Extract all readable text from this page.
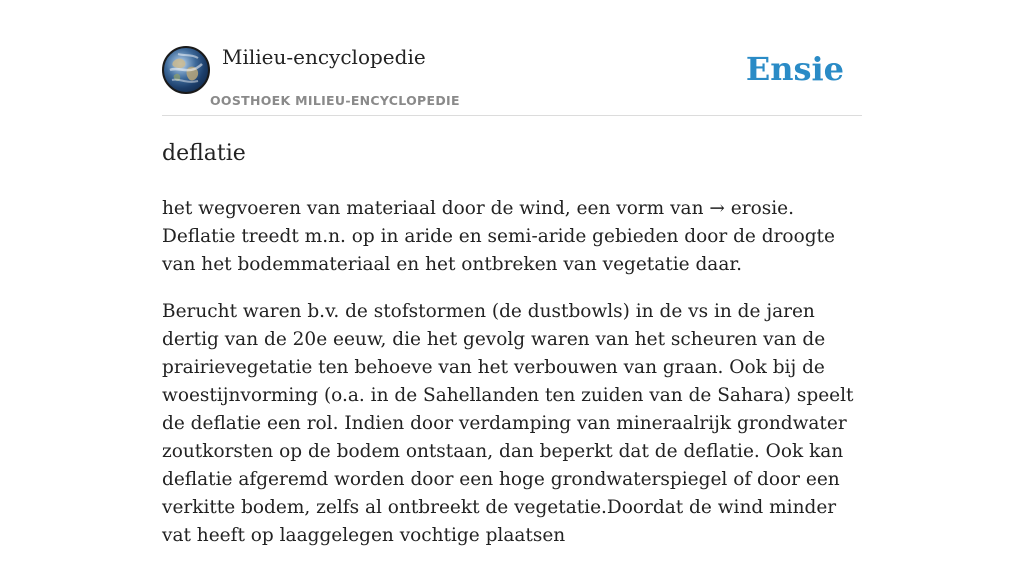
Milieu-encyclopedie
OOSTHOEK MILIEU-ENCYCLOPEDIE
Ensie
deflatie

het wegvoeren van materiaal door de wind, een vorm van → erosie. Deflatie treedt m.n. op in aride en semi-aride gebieden door de droogte van het bodemmateriaal en het ontbreken van vegetatie daar.

Berucht waren b.v. de stofstormen (de dustbowls) in de vs in de jaren dertig van de 20e eeuw, die het gevolg waren van het scheuren van de prairievegetatie ten behoeve van het verbouwen van graan. Ook bij de woestijnvorming (o.a. in de Sahellanden ten zuiden van de Sahara) speelt de deflatie een rol. Indien door verdamping van mineraalrijk grondwater zoutkorsten op de bodem ontstaan, dan beperkt dat de deflatie. Ook kan deflatie afgeremd worden door een hoge grondwaterspiegel of door een verkitte bodem, zelfs al ontbreekt de vegetatie.Doordat de wind minder vat heeft op laaggelegen vochtige plaatsen
